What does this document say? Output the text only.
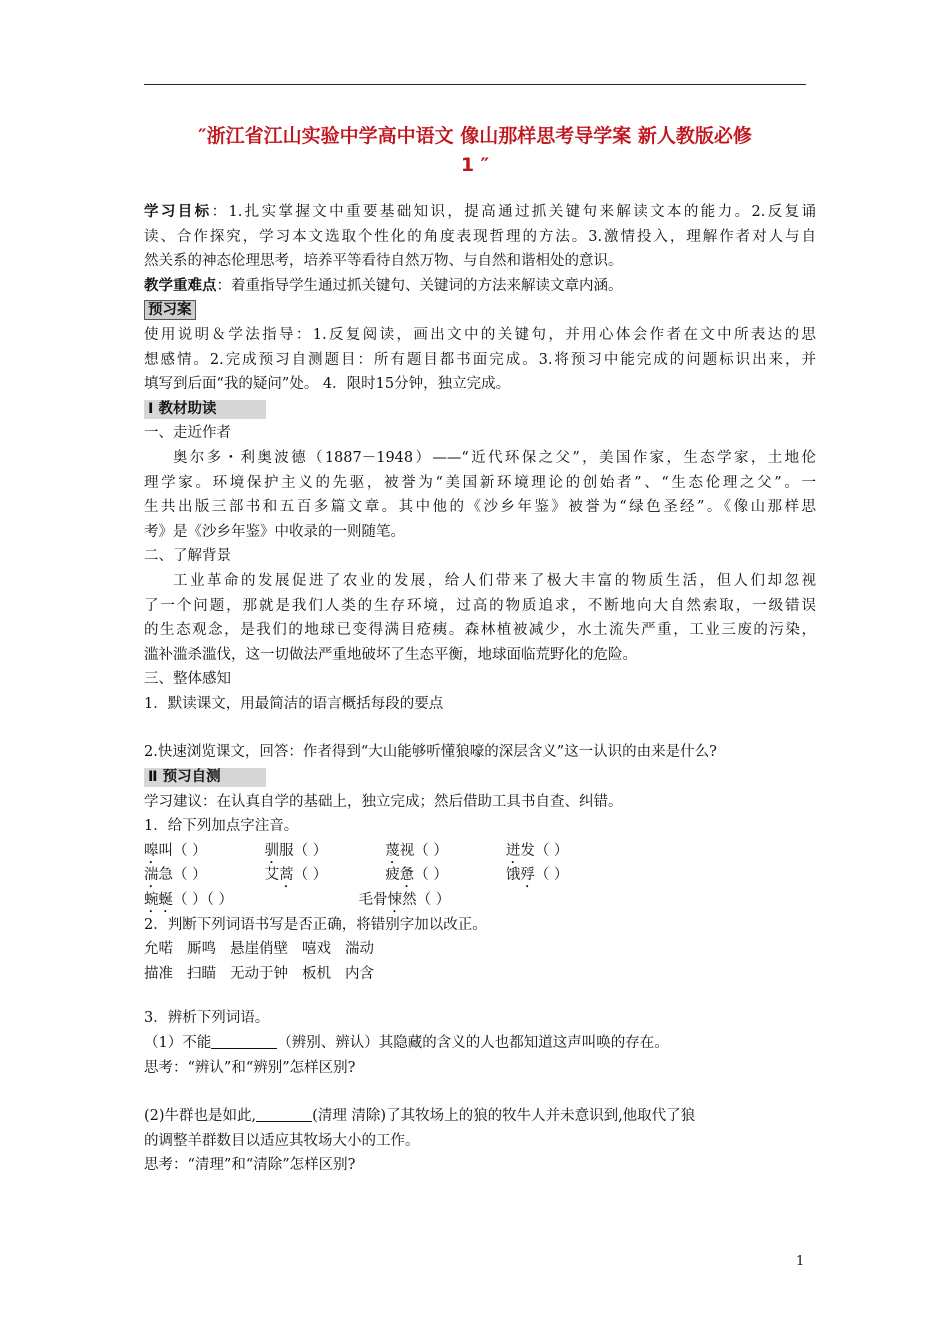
″浙江省江山实验中学高中语文 像山那样思考导学案 新人教版必修
1 ″
学习目标：1.扎实掌握文中重要基础知识，提高通过抓关键句来解读文本的能力。2.反复诵
读、合作探究，学习本文选取个性化的角度表现哲理的方法。3.激情投入，理解作者对人与自
然关系的神态伦理思考，培养平等看待自然万物、与自然和谐相处的意识。
教学重难点：着重指导学生通过抓关键句、关键词的方法来解读文章内涵。
预习案
使用说明＆学法指导：1.反复阅读，画出文中的关键句，并用心体会作者在文中所表达的思
想感情。2.完成预习自测题目：所有题目都书面完成。3.将预习中能完成的问题标识出来，并
填写到后面“我的疑问”处。 4．限时15分钟，独立完成。
Ⅰ 教材助读
一、走近作者
奥尔多・利奥波德（1887－1948）——“近代环保之父”，美国作家，生态学家，土地伦
理学家。环境保护主义的先驱，被誉为“美国新环境理论的创始者”、“生态伦理之父”。一
生共出版三部书和五百多篇文章。其中他的《沙乡年鉴》被誉为“绿色圣经”。《像山那样思
考》是《沙乡年鉴》中收录的一则随笔。
二、了解背景
工业革命的发展促进了农业的发展，给人们带来了极大丰富的物质生活，但人们却忽视
了一个问题，那就是我们人类的生存环境，过高的物质追求，不断地向大自然索取，一级错误
的生态观念，是我们的地球已变得满目疮痍。森林植被减少，水土流失严重，工业三废的污染，
滥补滥杀滥伐，这一切做法严重地破坏了生态平衡，地球面临荒野化的危险。
三、整体感知
1．默读课文，用最简洁的语言概括每段的要点
2.快速浏览课文，回答：作者得到“大山能够听懂狼嚎的深层含义”这一认识的由来是什么?
Ⅱ 预习自测
学习建议：在认真自学的基础上，独立完成；然后借助工具书自查、纠错。
1．给下列加点字注音。
嗥叫（ ）	驯服（ ）	蔑视（ ）	迸发（ ）
湍急（ ）	艾蒿（ ）	疲惫（ ）	饿殍（ ）
蜿蜒（ ）（ ）	毛骨悚然（ ）
2．判断下列词语书写是否正确，将错别字加以改正。
允喏 厮鸣 悬崖俏壁 嘻戏 湍动
描准 扫瞄 无动于钟 板机 内含
3．辨析下列词语。
（1）不能	（辨别、辨认）其隐藏的含义的人也都知道这声叫唤的存在。
思考：“辨认”和“辨别”怎样区别?
(2)牛群也是如此,	(清理 清除)了其牧场上的狼的牧牛人并未意识到,他取代了狼
的调整羊群数目以适应其牧场大小的工作。
思考：“清理”和“清除”怎样区别?
1
